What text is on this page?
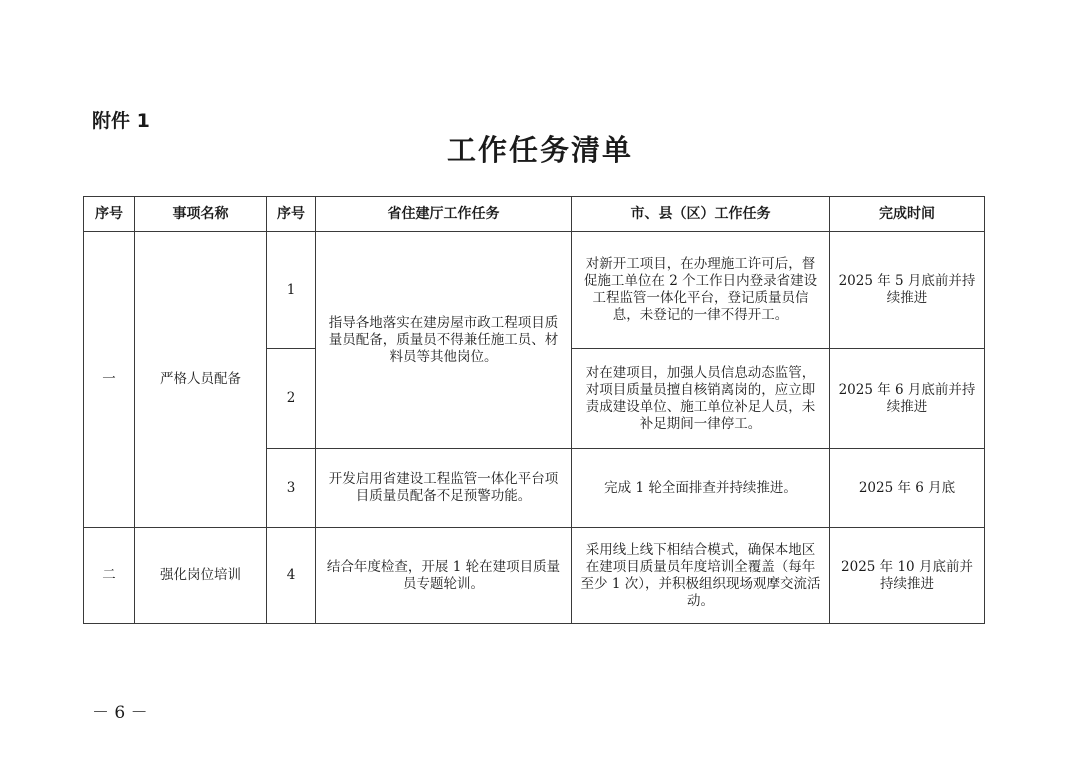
附件 1
工作任务清单
序号	事项名称	序号	省住建厅工作任务	市、县（区）工作任务	完成时间
一	严格人员配备	1	指导各地落实在建房屋市政工程项目质量员配备，质量员不得兼任施工员、材料员等其他岗位。	对新开工项目，在办理施工许可后，督促施工单位在 2 个工作日内登录省建设工程监管一体化平台，登记质量员信息，未登记的一律不得开工。	2025 年 5 月底前并持续推进
		2		对在建项目，加强人员信息动态监管，对项目质量员擅自核销离岗的，应立即责成建设单位、施工单位补足人员，未补足期间一律停工。	2025 年 6 月底前并持续推进
		3	开发启用省建设工程监管一体化平台项目质量员配备不足预警功能。	完成 1 轮全面排查并持续推进。	2025 年 6 月底
二	强化岗位培训	4	结合年度检查，开展 1 轮在建项目质量员专题轮训。	采用线上线下相结合模式，确保本地区在建项目质量员年度培训全覆盖（每年至少 1 次），并积极组织现场观摩交流活动。	2025 年 10 月底前并持续推进
－ 6 －
